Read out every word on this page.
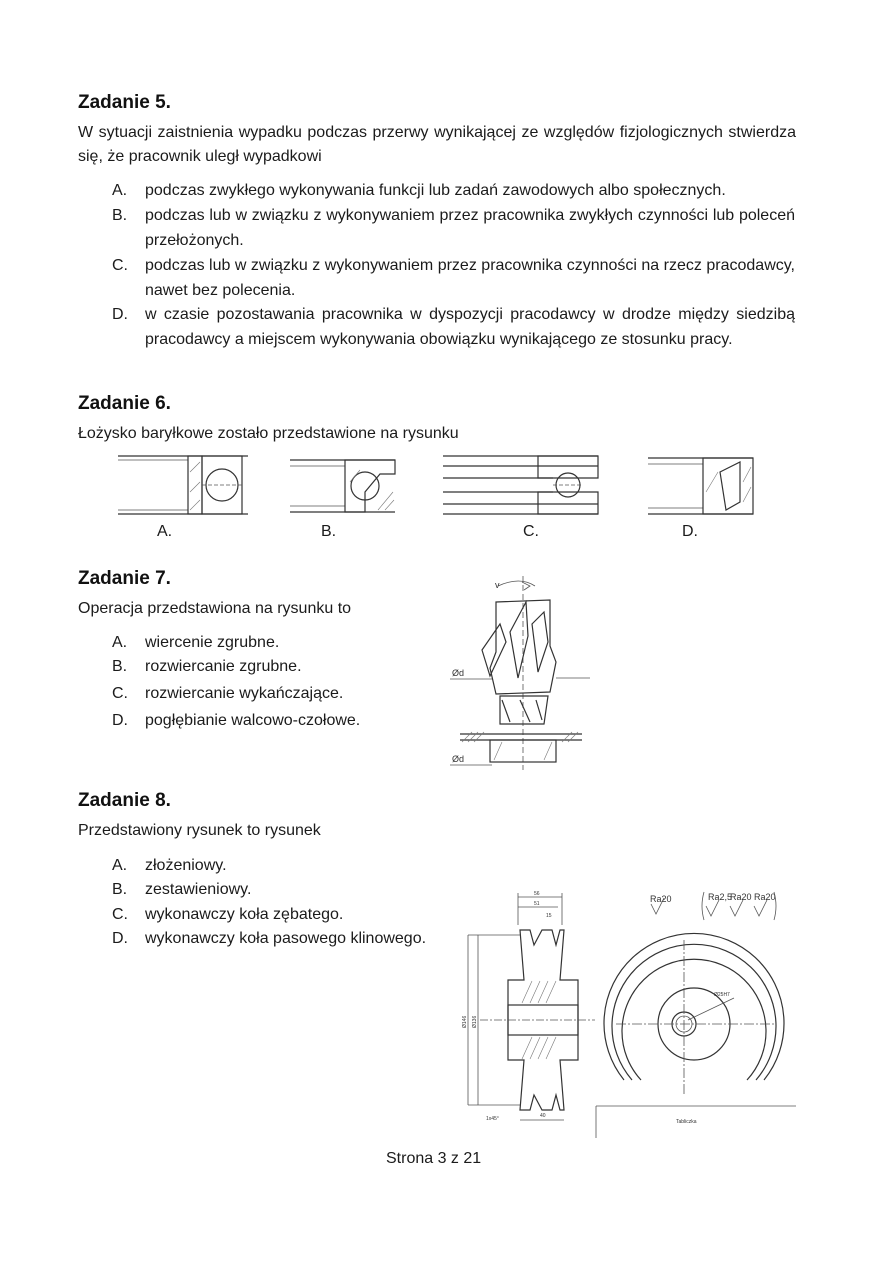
Zadanie 5.
W sytuacji zaistnienia wypadku podczas przerwy wynikającej ze względów fizjologicznych stwierdza się, że pracownik uległ wypadkowi
A. podczas zwykłego wykonywania funkcji lub zadań zawodowych albo społecznych.
B. podczas lub w związku z wykonywaniem przez pracownika zwykłych czynności lub poleceń przełożonych.
C. podczas lub w związku z wykonywaniem przez pracownika czynności na rzecz pracodawcy, nawet bez polecenia.
D. w czasie pozostawania pracownika w dyspozycji pracodawcy w drodze między siedzibą pracodawcy a miejscem wykonywania obowiązku wynikającego ze stosunku pracy.
Zadanie 6.
Łożysko baryłkowe zostało przedstawione na rysunku
A.	B.	C.	D.
Zadanie 7.
Operacja przedstawiona na rysunku to
A. wiercenie zgrubne.
B. rozwiercanie zgrubne.
C. rozwiercanie wykańczające.
D. pogłębianie walcowo-czołowe.
v
Ød
Ød
Zadanie 8.
Przedstawiony rysunek to rysunek
A. złożeniowy.
B. zestawieniowy.
C. wykonawczy koła zębatego.
D. wykonawczy koła pasowego klinowego.
56
51
15
Ø146 Ø136
1x45°	40
Ra20	Ra2,5
Ra20 Ra20
Ø25H7
Tabliczka
Strona 3 z 21
